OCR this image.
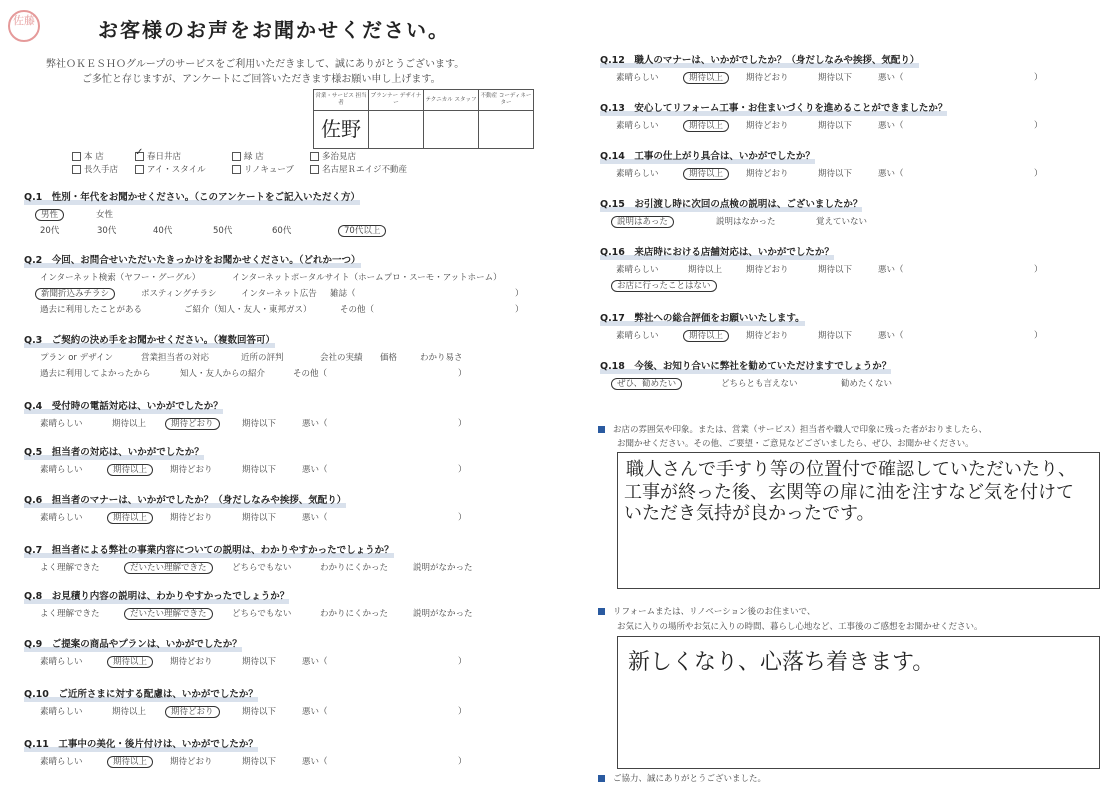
佐藤	お客様のお声をお聞かせください。
弊社ＯＫＥＳＨＯグループのサービスをご利用いただきまして、誠にありがとうございます。
ご多忙と存じますが、アンケートにご回答いただきます様お願い申し上げます。
営業・サービス 担当者	プランナー デザイナー	テクニカル スタッフ	不動産 コーディネーター
佐野			
本 店 ✓	春日井店	緑 店	多治見店
長久手店	アイ・スタイル	リノキューブ	名古屋Ｒエイジ不動産
Q.1　性別・年代をお聞かせください。（このアンケートをご記入いただく方）
男性	女性
20代	30代	40代	50代	60代	70代以上
Q.2　今回、お問合せいただいたきっかけをお聞かせください。（どれか一つ）
インターネット検索（ヤフー・グーグル）	インターネットポータルサイト（ホームプロ・スーモ・アットホーム）
新聞折込みチラシ	ポスティングチラシ	インターネット広告 雑誌（	）
過去に利用したことがある	ご紹介（知人・友人・東邦ガス）	その他（	）
Q.3　ご契約の決め手をお聞かせください。（複数回答可）
プラン or デザイン	営業担当者の対応	近所の評判	会社の実績 価格	わかり易さ
過去に利用してよかったから	知人・友人からの紹介	その他（	）
Q.4　受付時の電話対応は、いかがでしたか？
素晴らしい	期待以上	期待どおり	期待以下	悪い（	）
Q.5　担当者の対応は、いかがでしたか？
素晴らしい	期待以上	期待どおり	期待以下	悪い（	）
Q.6　担当者のマナーは、いかがでしたか？（身だしなみや挨拶、気配り）
素晴らしい	期待以上	期待どおり	期待以下	悪い（	）
Q.7　担当者による弊社の事業内容についての説明は、わかりやすかったでしょうか？
よく理解できた	だいたい理解できた	どちらでもない	わかりにくかった	説明がなかった
Q.8　お見積り内容の説明は、わかりやすかったでしょうか？
よく理解できた	だいたい理解できた	どちらでもない	わかりにくかった	説明がなかった
Q.9　ご提案の商品やプランは、いかがでしたか？
素晴らしい	期待以上	期待どおり	期待以下	悪い（	）
Q.10　ご近所さまに対する配慮は、いかがでしたか？
素晴らしい	期待以上	期待どおり	期待以下	悪い（	）
Q.11　工事中の美化・後片付けは、いかがでしたか？
素晴らしい	期待以上	期待どおり	期待以下	悪い（	）
Q.12　職人のマナーは、いかがでしたか？（身だしなみや挨拶、気配り）
素晴らしい	期待以上	期待どおり	期待以下	悪い（	）
Q.13　安心してリフォーム工事・お住まいづくりを進めることができましたか？
素晴らしい	期待以上	期待どおり	期待以下	悪い（	）
Q.14　工事の仕上がり具合は、いかがでしたか？
素晴らしい	期待以上	期待どおり	期待以下	悪い（	）
Q.15　お引渡し時に次回の点検の説明は、ございましたか？
説明はあった	説明はなかった	覚えていない
Q.16　来店時における店舗対応は、いかがでしたか？
素晴らしい	期待以上	期待どおり	期待以下	悪い（	）
お店に行ったことはない
Q.17　弊社への総合評価をお願いいたします。
素晴らしい	期待以上	期待どおり	期待以下	悪い（	）
Q.18　今後、お知り合いに弊社を勧めていただけますでしょうか？
ぜひ、勧めたい	どちらとも言えない	勧めたくない
お店の雰囲気や印象。または、営業（サービス）担当者や職人で印象に残った者がおりましたら、
お聞かせください。その他、ご要望・ご意見などございましたら、ぜひ、お聞かせください。
職人さんで手すり等の位置付で確認していただいたり、
工事が終った後、玄関等の扉に油を注すなど気を付けて
いただき気持が良かったです。
リフォームまたは、リノベーション後のお住まいで、
お気に入りの場所やお気に入りの時間、暮らし心地など、工事後のご感想をお聞かせください。
新しくなり、心落ち着きます。
ご協力、誠にありがとうございました。
